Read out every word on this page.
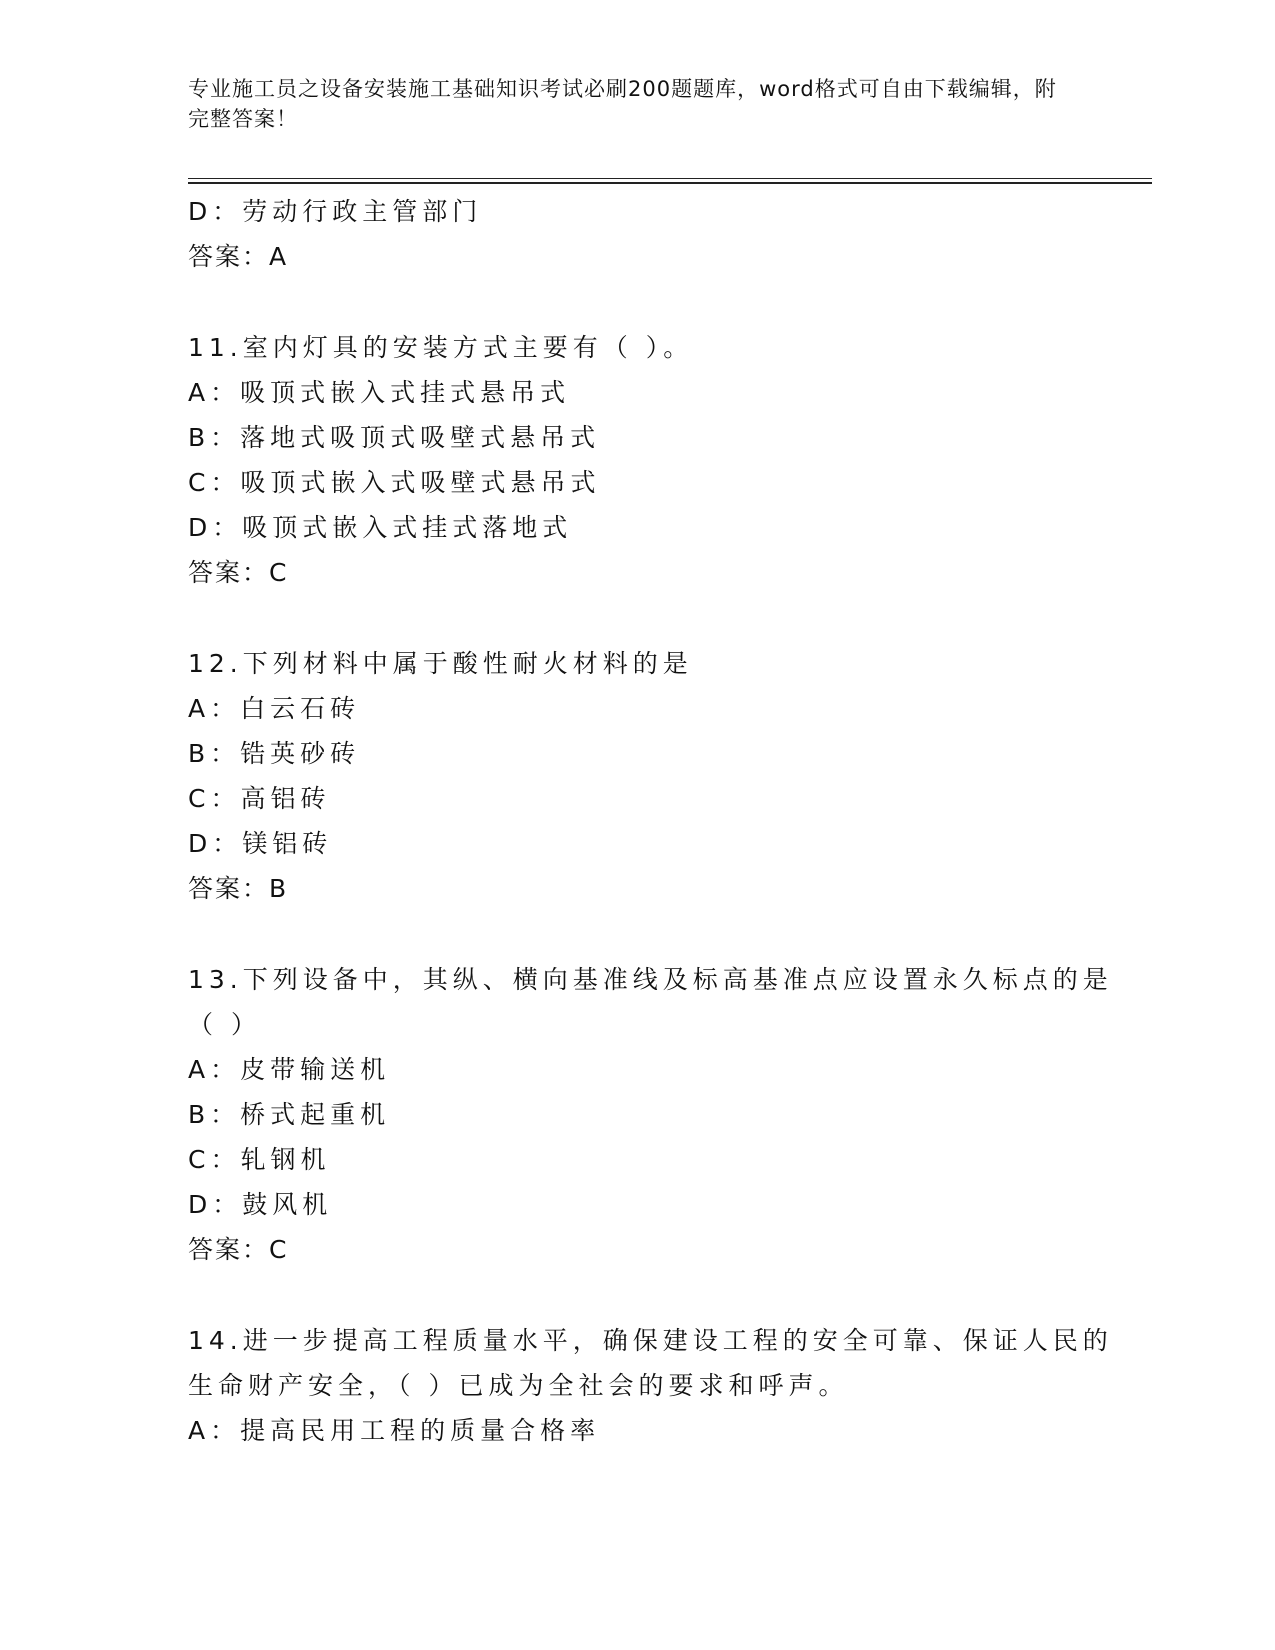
专业施工员之设备安装施工基础知识考试必刷200题题库，word格式可自由下载编辑，附完整答案！
D：劳动行政主管部门
答案：A
11.室内灯具的安装方式主要有（ ）。
A：吸顶式嵌入式挂式悬吊式
B：落地式吸顶式吸壁式悬吊式
C：吸顶式嵌入式吸壁式悬吊式
D：吸顶式嵌入式挂式落地式
答案：C
12.下列材料中属于酸性耐火材料的是
A：白云石砖
B：锆英砂砖
C：高铝砖
D：镁铝砖
答案：B
13.下列设备中，其纵、横向基准线及标高基准点应设置永久标点的是
（ ）
A：皮带输送机
B：桥式起重机
C：轧钢机
D：鼓风机
答案：C
14.进一步提高工程质量水平，确保建设工程的安全可靠、保证人民的
生命财产安全，（ ）已成为全社会的要求和呼声。
A：提高民用工程的质量合格率
